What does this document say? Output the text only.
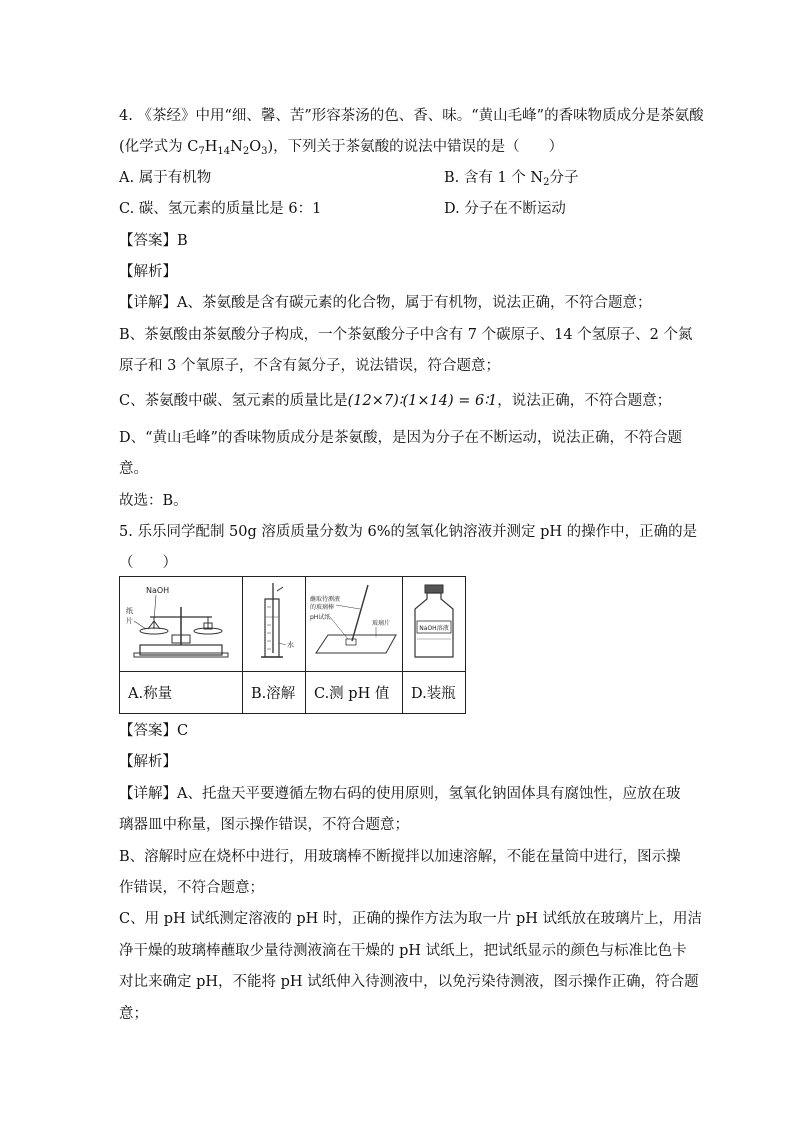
4. 《茶经》中用“细、馨、苦”形容茶汤的色、香、味。“黄山毛峰”的香味物质成分是茶氨酸
(化学式为 $C_7H_{14}N_2O_3$)，下列关于茶氨酸的说法中错误的是（　　）
A. 属于有机物	B. 含有 1 个 $N_2$分子
C. 碳、氢元素的质量比是 6：1	D. 分子在不断运动
【答案】B
【解析】
【详解】A、茶氨酸是含有碳元素的化合物，属于有机物，说法正确，不符合题意；
B、茶氨酸由茶氨酸分子构成，一个茶氨酸分子中含有 7 个碳原子、14 个氢原子、2 个氮
原子和 3 个氧原子，不含有氮分子，说法错误，符合题意；
C、茶氨酸中碳、氢元素的质量比是(12×7)∶(1×14) = 6∶1，说法正确，不符合题意；
D、“黄山毛峰”的香味物质成分是茶氨酸，是因为分子在不断运动，说法正确，不符合题
意。
故选：B。
5. 乐乐同学配制 50g 溶质质量分数为 6%的氢氧化钠溶液并测定 pH 的操作中，正确的是
（　　）
NaOH
纸
片	水	蘸取待测液
的玻璃棒
pH试纸
玻璃片	NaOH溶液

A.称量	B.溶解	C.测 pH 值	D.装瓶
【答案】C
【解析】
【详解】A、托盘天平要遵循左物右码的使用原则，氢氧化钠固体具有腐蚀性，应放在玻
璃器皿中称量，图示操作错误，不符合题意；
B、溶解时应在烧杯中进行，用玻璃棒不断搅拌以加速溶解，不能在量筒中进行，图示操
作错误，不符合题意；
C、用 pH 试纸测定溶液的 pH 时，正确的操作方法为取一片 pH 试纸放在玻璃片上，用洁
净干燥的玻璃棒蘸取少量待测液滴在干燥的 pH 试纸上，把试纸显示的颜色与标准比色卡
对比来确定 pH，不能将 pH 试纸伸入待测液中，以免污染待测液，图示操作正确，符合题
意；
